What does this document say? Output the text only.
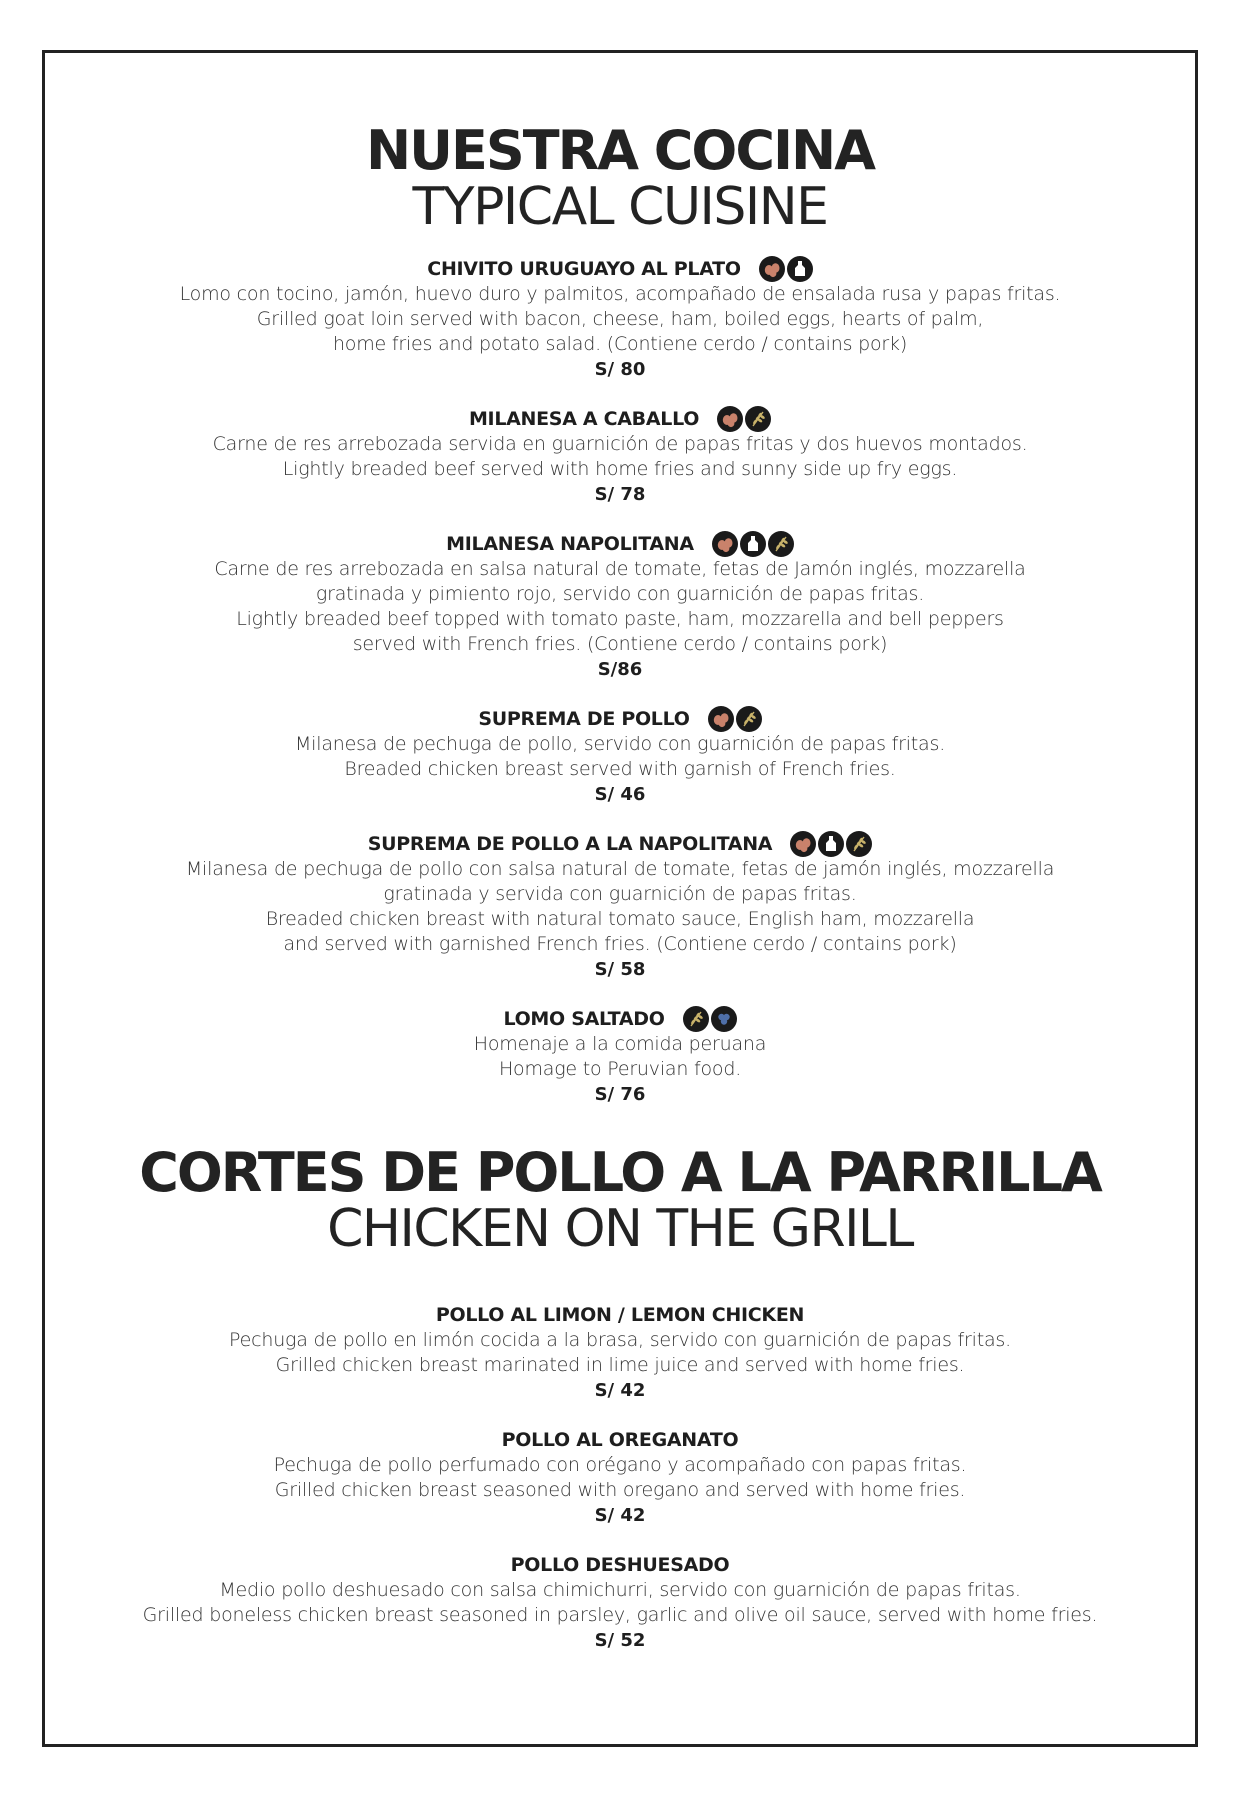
NUESTRA COCINA
TYPICAL CUISINE
CHIVITO URUGUAYO AL PLATO
Lomo con tocino, jamón, huevo duro y palmitos, acompañado de ensalada rusa y papas fritas.
Grilled goat loin served with bacon, cheese, ham, boiled eggs, hearts of palm,
home fries and potato salad. (Contiene cerdo / contains pork)
S/ 80
MILANESA A CABALLO
Carne de res arrebozada servida en guarnición de papas fritas y dos huevos montados.
Lightly breaded beef served with home fries and sunny side up fry eggs.
S/ 78
MILANESA NAPOLITANA
Carne de res arrebozada en salsa natural de tomate, fetas de Jamón inglés, mozzarella
gratinada y pimiento rojo, servido con guarnición de papas fritas.
Lightly breaded beef topped with tomato paste, ham, mozzarella and bell peppers
served with French fries. (Contiene cerdo / contains pork)
S/86
SUPREMA DE POLLO
Milanesa de pechuga de pollo, servido con guarnición de papas fritas.
Breaded chicken breast served with garnish of French fries.
S/ 46
SUPREMA DE POLLO A LA NAPOLITANA
Milanesa de pechuga de pollo con salsa natural de tomate, fetas de jamón inglés, mozzarella
gratinada y servida con guarnición de papas fritas.
Breaded chicken breast with natural tomato sauce, English ham, mozzarella
and served with garnished French fries. (Contiene cerdo / contains pork)
S/ 58
LOMO SALTADO
Homenaje a la comida peruana
Homage to Peruvian food.
S/ 76
CORTES DE POLLO A LA PARRILLA
CHICKEN ON THE GRILL
POLLO AL LIMON / LEMON CHICKEN
Pechuga de pollo en limón cocida a la brasa, servido con guarnición de papas fritas.
Grilled chicken breast marinated in lime juice and served with home fries.
S/ 42
POLLO AL OREGANATO
Pechuga de pollo perfumado con orégano y acompañado con papas fritas.
Grilled chicken breast seasoned with oregano and served with home fries.
S/ 42
POLLO DESHUESADO
Medio pollo deshuesado con salsa chimichurri, servido con guarnición de papas fritas.
Grilled boneless chicken breast seasoned in parsley, garlic and olive oil sauce, served with home fries.
S/ 52
